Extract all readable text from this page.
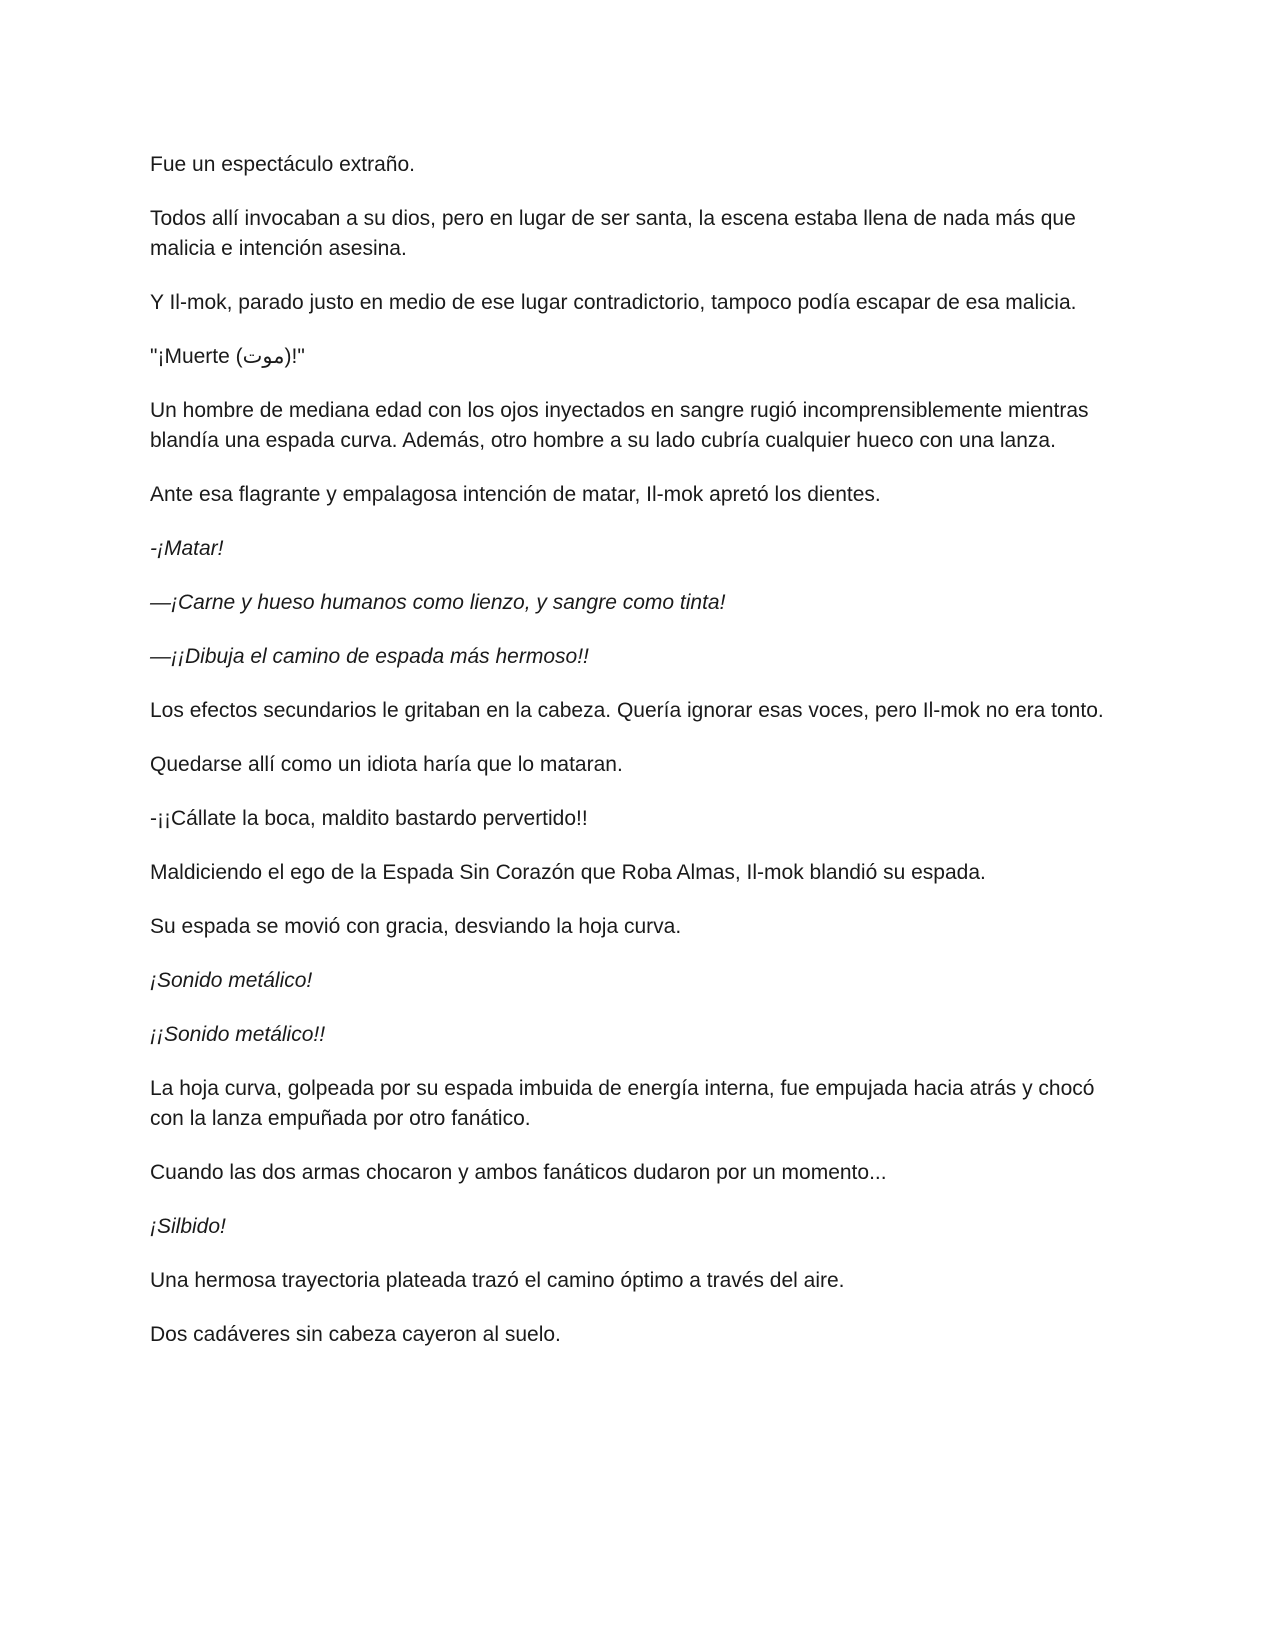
Fue un espectáculo extraño.

Todos allí invocaban a su dios, pero en lugar de ser santa, la escena estaba llena de nada más que malicia e intención asesina.

Y Il-mok, parado justo en medio de ese lugar contradictorio, tampoco podía escapar de esa malicia.

"¡Muerte (موت)!"

Un hombre de mediana edad con los ojos inyectados en sangre rugió incomprensiblemente mientras blandía una espada curva. Además, otro hombre a su lado cubría cualquier hueco con una lanza.

Ante esa flagrante y empalagosa intención de matar, Il-mok apretó los dientes.

-¡Matar!

—¡Carne y hueso humanos como lienzo, y sangre como tinta!

—¡¡Dibuja el camino de espada más hermoso!!

Los efectos secundarios le gritaban en la cabeza. Quería ignorar esas voces, pero Il-mok no era tonto.

Quedarse allí como un idiota haría que lo mataran.

-¡¡Cállate la boca, maldito bastardo pervertido!!

Maldiciendo el ego de la Espada Sin Corazón que Roba Almas, Il-mok blandió su espada.

Su espada se movió con gracia, desviando la hoja curva.

¡Sonido metálico!

¡¡Sonido metálico!!

La hoja curva, golpeada por su espada imbuida de energía interna, fue empujada hacia atrás y chocó con la lanza empuñada por otro fanático.

Cuando las dos armas chocaron y ambos fanáticos dudaron por un momento...

¡Silbido!

Una hermosa trayectoria plateada trazó el camino óptimo a través del aire.

Dos cadáveres sin cabeza cayeron al suelo.
